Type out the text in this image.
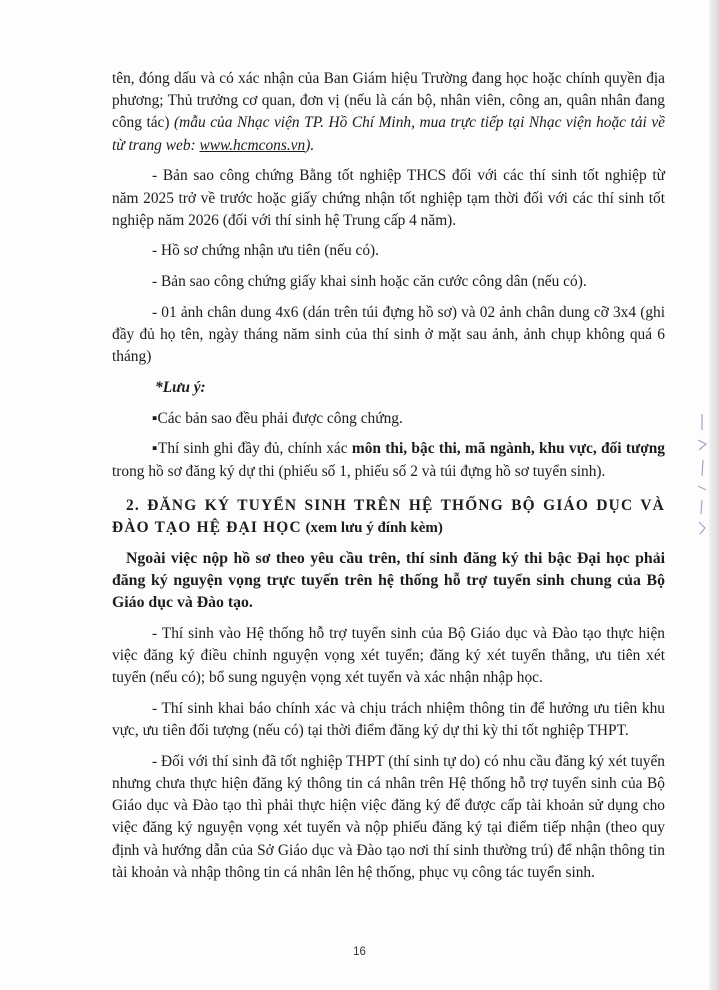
tên, đóng dấu và có xác nhận của Ban Giám hiệu Trường đang học hoặc chính quyền địa phương; Thủ trưởng cơ quan, đơn vị (nếu là cán bộ, nhân viên, công an, quân nhân đang công tác) (mẫu của Nhạc viện TP. Hồ Chí Minh, mua trực tiếp tại Nhạc viện hoặc tải về từ trang web: www.hcmcons.vn).

- Bản sao công chứng Bằng tốt nghiệp THCS đối với các thí sinh tốt nghiệp từ năm 2025 trở về trước hoặc giấy chứng nhận tốt nghiệp tạm thời đối với các thí sinh tốt nghiệp năm 2026 (đối với thí sinh hệ Trung cấp 4 năm).

- Hồ sơ chứng nhận ưu tiên (nếu có).

- Bản sao công chứng giấy khai sinh hoặc căn cước công dân (nếu có).

- 01 ảnh chân dung 4x6 (dán trên túi đựng hồ sơ) và 02 ảnh chân dung cỡ 3x4 (ghi đầy đủ họ tên, ngày tháng năm sinh của thí sinh ở mặt sau ảnh, ảnh chụp không quá 6 tháng)

*Lưu ý:

▪Các bản sao đều phải được công chứng.

▪Thí sinh ghi đầy đủ, chính xác môn thi, bậc thi, mã ngành, khu vực, đối tượng trong hồ sơ đăng ký dự thi (phiếu số 1, phiếu số 2 và túi đựng hồ sơ tuyển sinh).

2. ĐĂNG KÝ TUYỂN SINH TRÊN HỆ THỐNG BỘ GIÁO DỤC VÀ ĐÀO TẠO HỆ ĐẠI HỌC (xem lưu ý đính kèm)

Ngoài việc nộp hồ sơ theo yêu cầu trên, thí sinh đăng ký thi bậc Đại học phải đăng ký nguyện vọng trực tuyến trên hệ thống hỗ trợ tuyển sinh chung của Bộ Giáo dục và Đào tạo.

- Thí sinh vào Hệ thống hỗ trợ tuyển sinh của Bộ Giáo dục và Đào tạo thực hiện việc đăng ký điều chỉnh nguyện vọng xét tuyển; đăng ký xét tuyển thẳng, ưu tiên xét tuyển (nếu có); bổ sung nguyện vọng xét tuyển và xác nhận nhập học.

- Thí sinh khai báo chính xác và chịu trách nhiệm thông tin để hưởng ưu tiên khu vực, ưu tiên đối tượng (nếu có) tại thời điểm đăng ký dự thi kỳ thi tốt nghiệp THPT.

- Đối với thí sinh đã tốt nghiệp THPT (thí sinh tự do) có nhu cầu đăng ký xét tuyển nhưng chưa thực hiện đăng ký thông tin cá nhân trên Hệ thống hỗ trợ tuyển sinh của Bộ Giáo dục và Đào tạo thì phải thực hiện việc đăng ký để được cấp tài khoản sử dụng cho việc đăng ký nguyện vọng xét tuyển và nộp phiếu đăng ký tại điểm tiếp nhận (theo quy định và hướng dẫn của Sở Giáo dục và Đào tạo nơi thí sinh thường trú) để nhận thông tin tài khoản và nhập thông tin cá nhân lên hệ thống, phục vụ công tác tuyển sinh.

16
